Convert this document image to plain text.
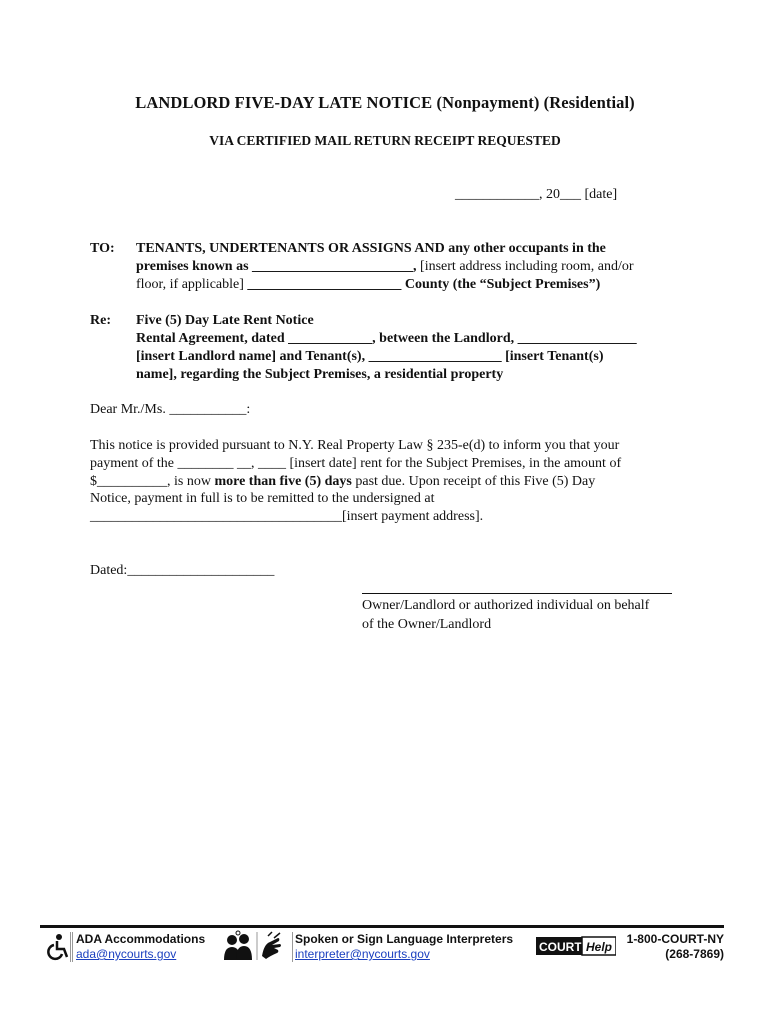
LANDLORD FIVE-DAY LATE NOTICE (Nonpayment) (Residential)
VIA CERTIFIED MAIL RETURN RECEIPT REQUESTED
____________, 20___ [date]
TO:	TENANTS, UNDERTENANTS OR ASSIGNS AND any other occupants in the
premises known as _______________________, [insert address including room, and/or
floor, if applicable] ______________________ County (the “Subject Premises”)
Re:	Five (5) Day Late Rent Notice
Rental Agreement, dated ____________, between the Landlord, _________________
[insert Landlord name] and Tenant(s), ___________________ [insert Tenant(s)
name], regarding the Subject Premises, a residential property
Dear Mr./Ms. ___________:
This notice is provided pursuant to N.Y. Real Property Law § 235-e(d) to inform you that your
payment of the ________ __, ____ [insert date] rent for the Subject Premises, in the amount of
$__________, is now more than five (5) days past due. Upon receipt of this Five (5) Day
Notice, payment in full is to be remitted to the undersigned at
____________________________________[insert payment address].
Dated:_____________________
Owner/Landlord or authorized individual on behalf
of the Owner/Landlord
ADA Accommodations
ada@nycourts.gov
Spoken or Sign Language Interpreters
interpreter@nycourts.gov	COURT Help
1-800-COURT-NY
(268-7869)
